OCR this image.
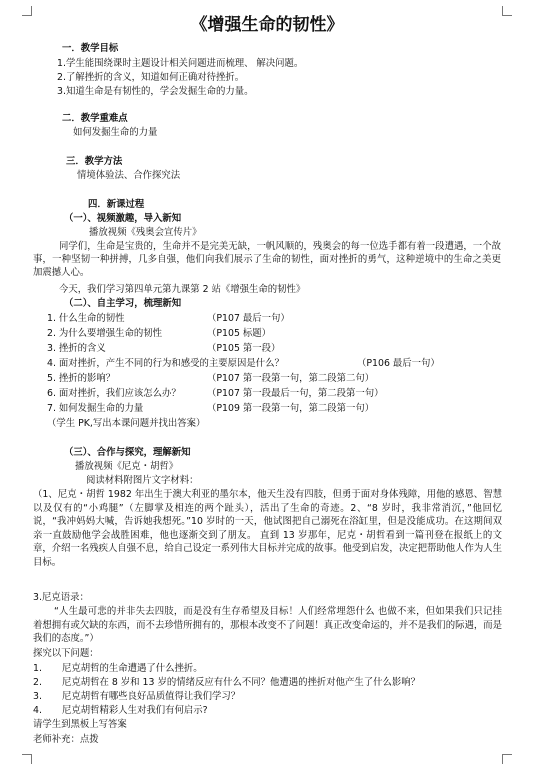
《增强生命的韧性》
一．教学目标
1.学生能围绕课时主题设计相关问题进而梳理、 解决问题。
2.了解挫折的含义，知道如何正确对待挫折。
3.知道生命是有韧性的，学会发掘生命的力量。
二．教学重难点
如何发掘生命的力量
三．教学方法
情境体验法、合作探究法
四．新课过程
（一）、视频激趣，导入新知
播放视频《残奥会宣传片》
同学们，生命是宝贵的，生命并不是完美无缺，一帆风顺的，残奥会的每一位选手都有着一段遭遇，一个故事，一种坚韧一种拼搏，几多自强，他们向我们展示了生命的韧性，面对挫折的勇气，这种逆境中的生命之美更加震撼人心。
今天，我们学习第四单元第九课第 2 站《增强生命的韧性》
（二）、自主学习，梳理新知
1. 什么生命的韧性	（P107 最后一句）
2. 为什么要增强生命的韧性	（P105 标题）
3. 挫折的含义	（P105 第一段）
4. 面对挫折，产生不同的行为和感受的主要原因是什么？	（P106 最后一句）
5. 挫折的影响？	（P107 第一段第一句，第二段第二句）
6. 面对挫折，我们应该怎么办？	（P107 第一段最后一句，第二段第一句）
7. 如何发掘生命的力量	（P109 第一段第一句，第二段第一句）
（学生 PK,写出本课问题并找出答案）
（三）、合作与探究，理解新知
播放视频《尼克・胡哲》
阅读材料附图片文字材料：
（1、尼克・胡哲 1982 年出生于澳大利亚的墨尔本，他天生没有四肢，但勇于面对身体残障，用他的感恩、智慧以及仅有的“小鸡腿”（左脚掌及相连的两个趾头），活出了生命的奇迹。2、“8 岁时，我非常消沉，”他回忆说，“我冲妈妈大喊，告诉她我想死。”10 岁时的一天，他试图把自己溺死在浴缸里，但是没能成功。在这期间双亲一直鼓励他学会战胜困难，他也逐渐交到了朋友。 直到 13 岁那年，尼克・胡哲看到一篇刊登在报纸上的文章，介绍一名残疾人自强不息，给自己设定一系列伟大目标并完成的故事。他受到启发，决定把帮助他人作为人生目标。
3.尼克语录：
“人生最可悲的并非失去四肢，而是没有生存希望及目标！人们经常埋怨什么 也做不来，但如果我们只记挂着想拥有或欠缺的东西，而不去珍惜所拥有的，那根本改变不了问题！真正改变命运的，并不是我们的际遇，而是我们的态度。”）
探究以下问题：
1. 尼克胡哲的生命遭遇了什么挫折。
2. 尼克胡哲在 8 岁和 13 岁的情绪反应有什么不同？他遭遇的挫折对他产生了什么影响？
3. 尼克胡哲有哪些良好品质值得让我们学习？
4. 尼克胡哲精彩人生对我们有何启示?
请学生到黑板上写答案
老师补充：点拨
